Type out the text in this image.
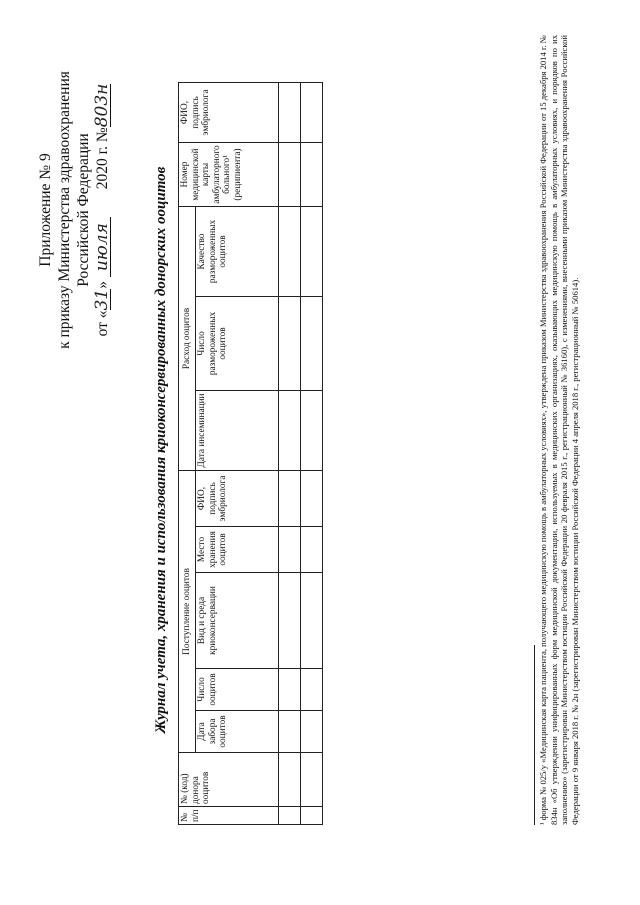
Приложение № 9 к приказу Министерства здравоохранения Российской Федерации
от «31» июля 2020 г. №803н
Журнал учета, хранения и использования криоконсервированных донорских ооцитов
№ п/п	№ (код) донора ооцитов	Поступление ооцитов					Расход ооцитов			Номер медицинской карты амбулаторного больного¹ (реципиента)	ФИО, подпись эмбриолога
		Дата забора ооцитов	Число ооцитов	Вид и среда криоконсервации	Место хранения ооцитов	ФИО, подпись эмбриолога	Дата инсеминации	Число размороженных ооцитов	Качество размороженных ооцитов		

												¹ форма № 025/у «Медицинская карта пациента, получающего медицинскую помощь в амбулаторных условиях», утверждена приказом Министерства здравоохранения Российской Федерации от 15 декабря 2014 г. № 834н «Об утверждении унифицированных форм медицинской документации, используемых в медицинских организациях, оказывающих медицинскую помощь в амбулаторных условиях, и порядков по их заполнению» (зарегистрирован Министерством юстиции Российской Федерации 20 февраля 2015 г., регистрационный № 36160), с изменениями, внесенными приказом Министерства здравоохранения Российской Федерации от 9 января 2018 г. № 2н (зарегистрирован Министерством юстиции Российской Федерации 4 апреля 2018 г., регистрационный № 50614).
